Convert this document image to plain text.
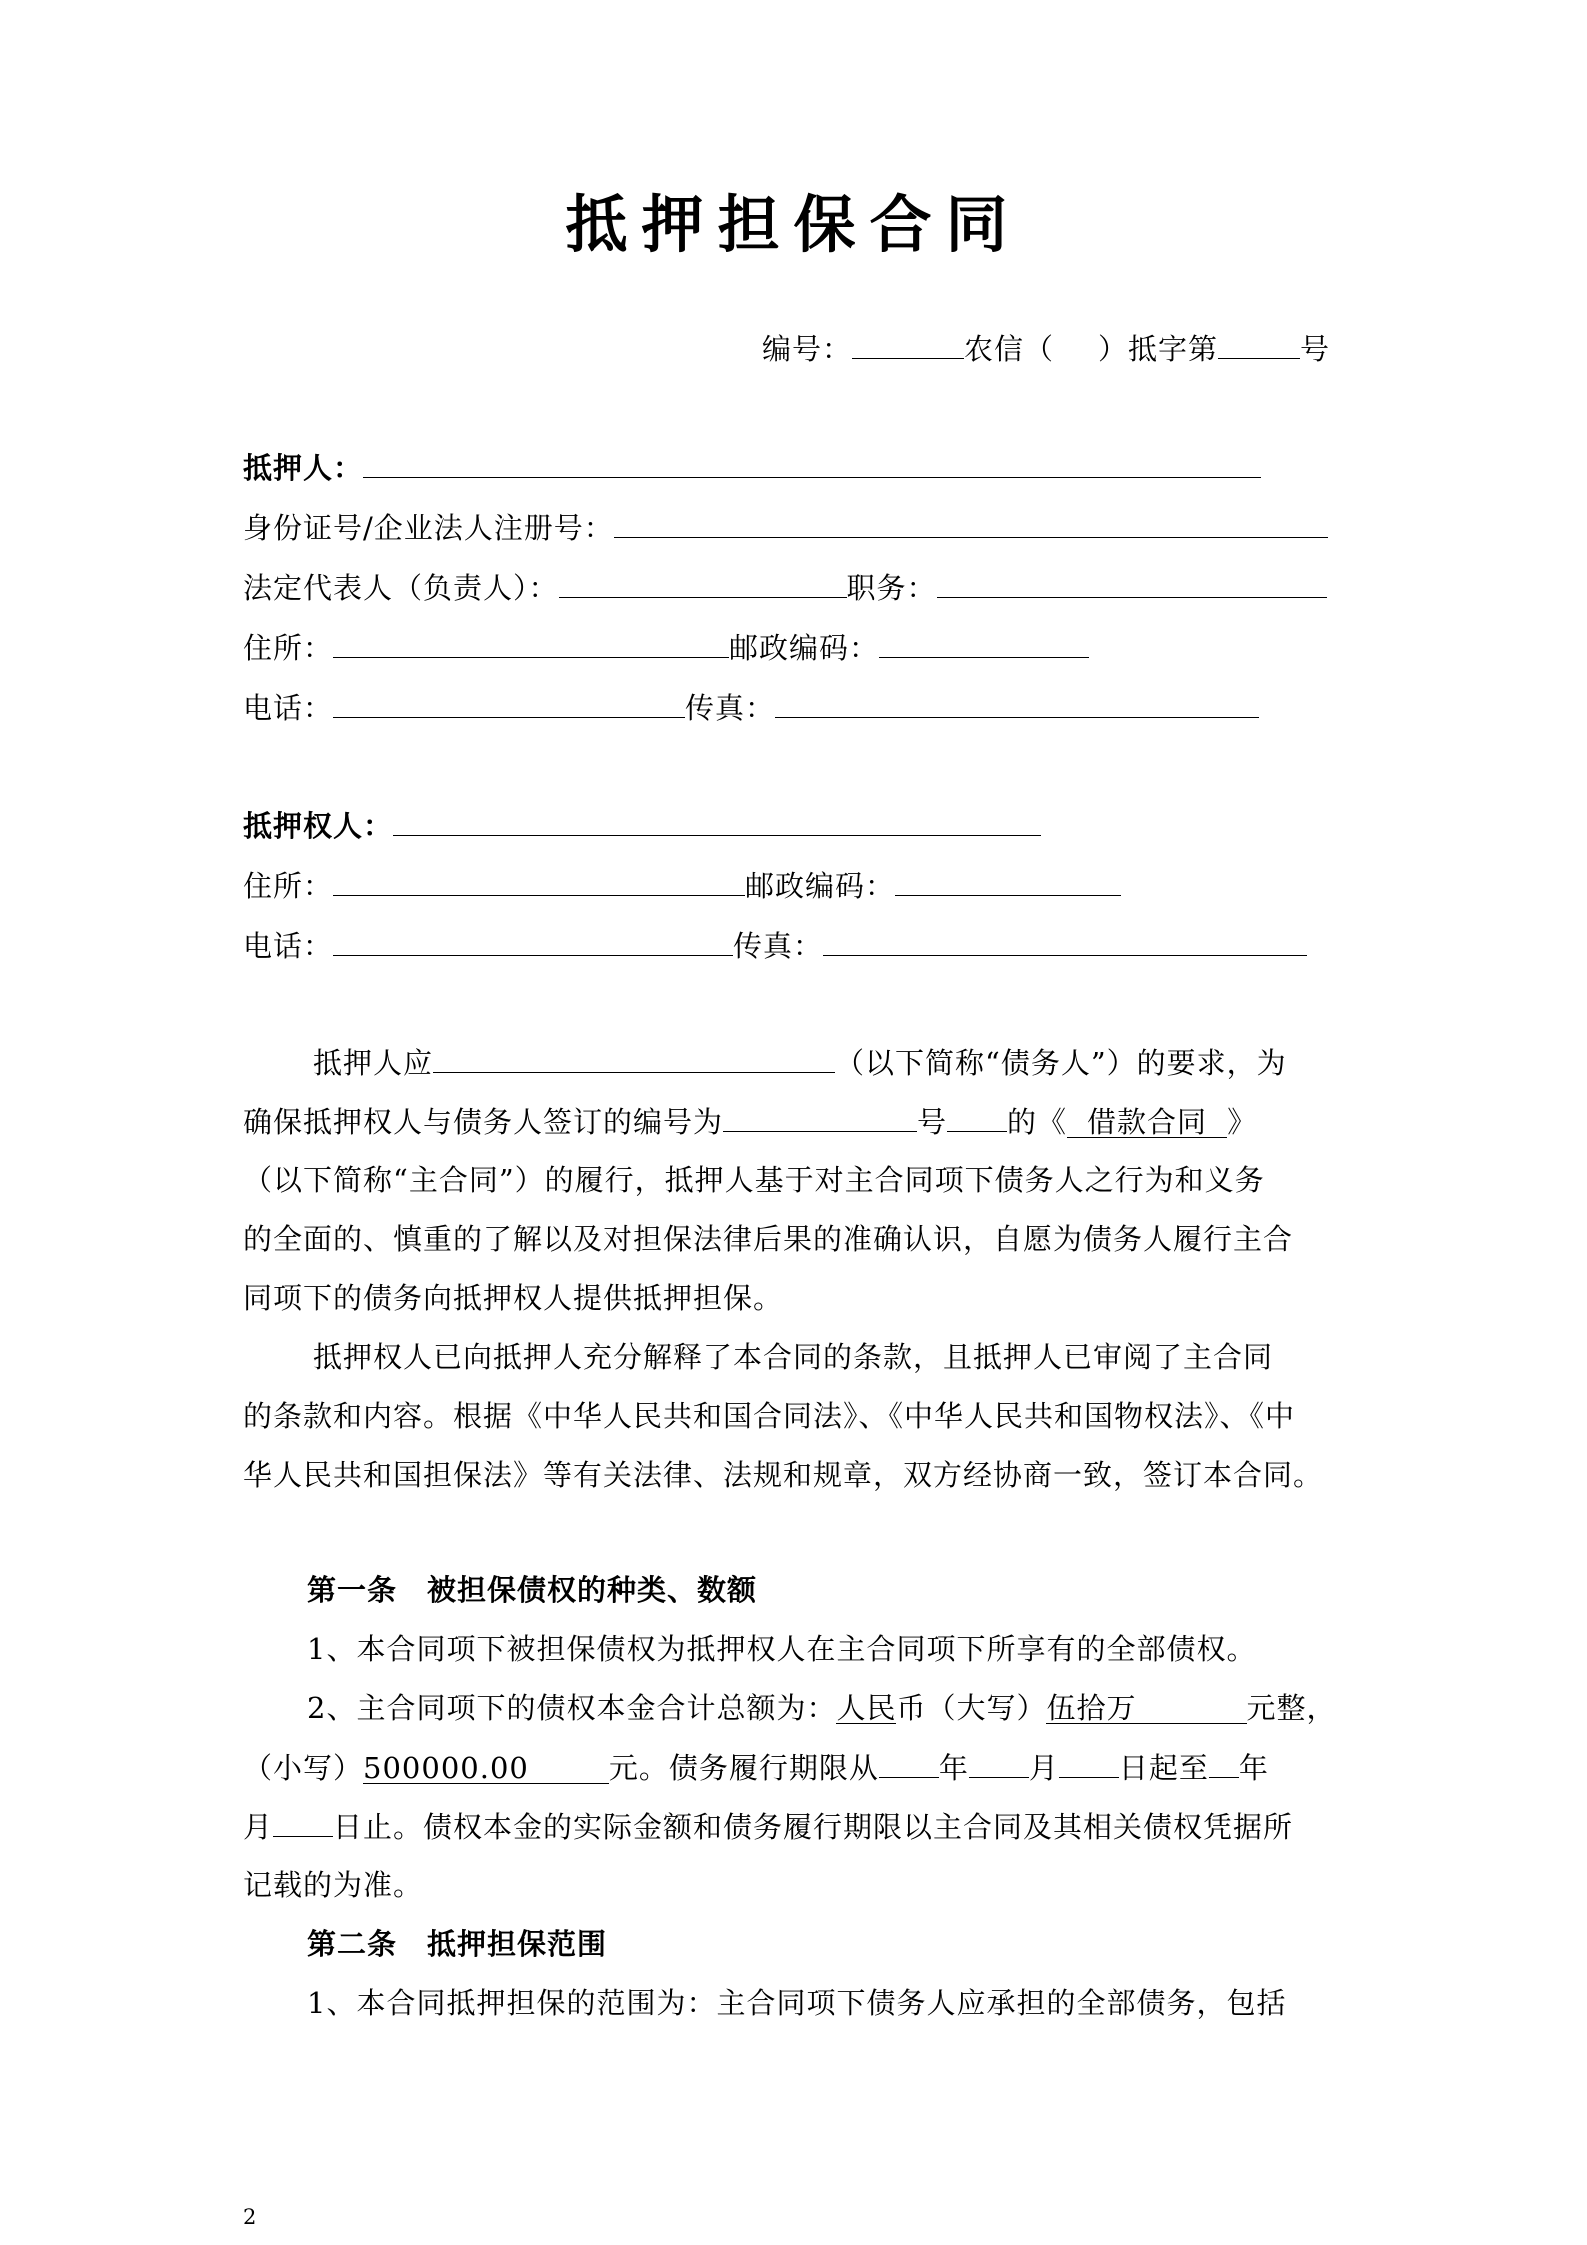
抵押担保合同
编号：	农信（ ）抵字第	号
抵押人：
身份证号/企业法人注册号：
法定代表人（负责人）：	职务：
住所：	邮政编码：
电话：	传真：
抵押权人：
住所：	邮政编码：
电话：	传真：
抵押人应	（以下简称“债务人”）的要求，为
确保抵押权人与债务人签订的编号为	号 的《 借款合同 》
（以下简称“主合同”）的履行，抵押人基于对主合同项下债务人之行为和义务
的全面的、慎重的了解以及对担保法律后果的准确认识，自愿为债务人履行主合
同项下的债务向抵押权人提供抵押担保。
抵押权人已向抵押人充分解释了本合同的条款，且抵押人已审阅了主合同
的条款和内容。根据《中华人民共和国合同法》、《中华人民共和国物权法》、《中
华人民共和国担保法》等有关法律、法规和规章，双方经协商一致，签订本合同。
第一条　被担保债权的种类、数额
1、本合同项下被担保债权为抵押权人在主合同项下所享有的全部债权。
2、主合同项下的债权本金合计总额为：人民币（大写）伍拾万	元整，
（小写）500000.00	元。债务履行期限从 年 月 日起至 年
月 日止。债权本金的实际金额和债务履行期限以主合同及其相关债权凭据所
记载的为准。
第二条　抵押担保范围
1、本合同抵押担保的范围为：主合同项下债务人应承担的全部债务，包括
2
